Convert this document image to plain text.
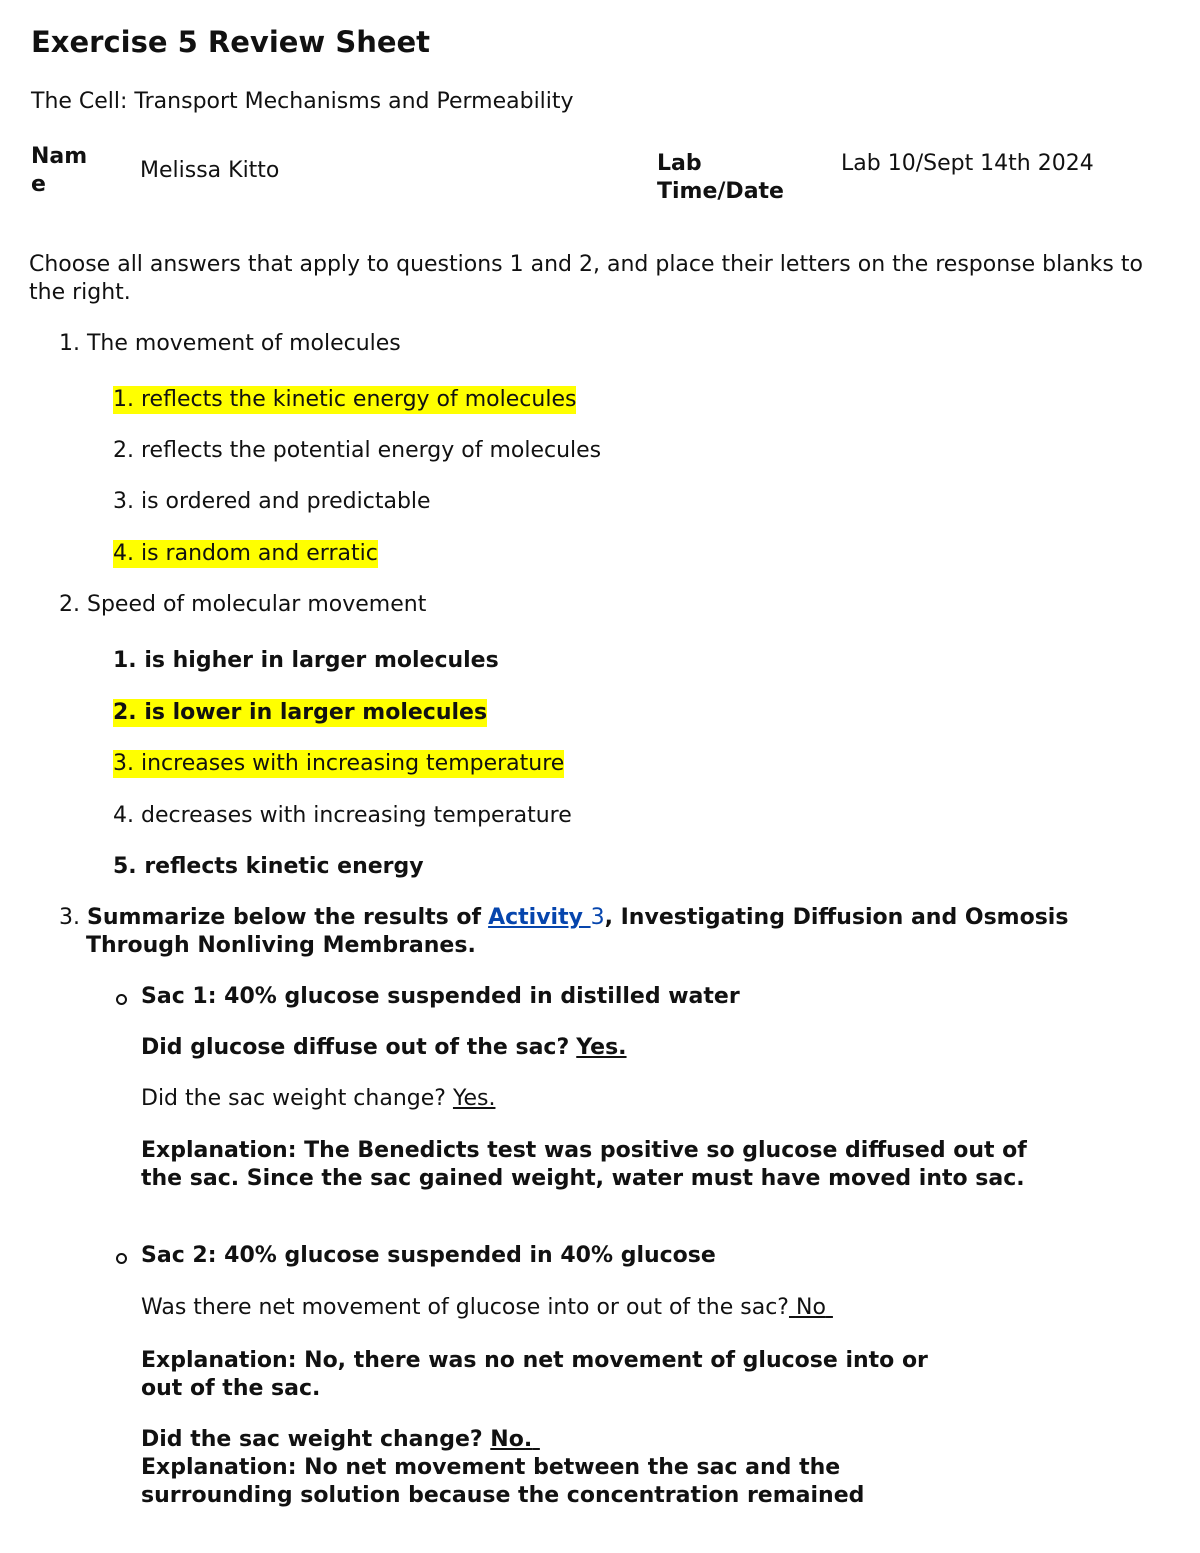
Exercise 5 Review Sheet
The Cell: Transport Mechanisms and Permeability
Name
Melissa Kitto	Lab
Time/Date
Lab 10/Sept 14th 2024
Choose all answers that apply to questions 1 and 2, and place their letters on the response blanks to the right.
1. The movement of molecules
1. reflects the kinetic energy of molecules
2. reflects the potential energy of molecules
3. is ordered and predictable
4. is random and erratic
2. Speed of molecular movement
1. is higher in larger molecules
2. is lower in larger molecules
3. increases with increasing temperature
4. decreases with increasing temperature
5. reflects kinetic energy
3. Summarize below the results of Activity 3, Investigating Diffusion and Osmosis
Through Nonliving Membranes.
Sac 1: 40% glucose suspended in distilled water
Did glucose diffuse out of the sac? Yes.
Did the sac weight change? Yes.
Explanation: The Benedicts test was positive so glucose diffused out of
the sac. Since the sac gained weight, water must have moved into sac.
Sac 2: 40% glucose suspended in 40% glucose
Was there net movement of glucose into or out of the sac? No
Explanation: No, there was no net movement of glucose into or
out of the sac.
Did the sac weight change? No.
Explanation: No net movement between the sac and the
surrounding solution because the concentration remained
